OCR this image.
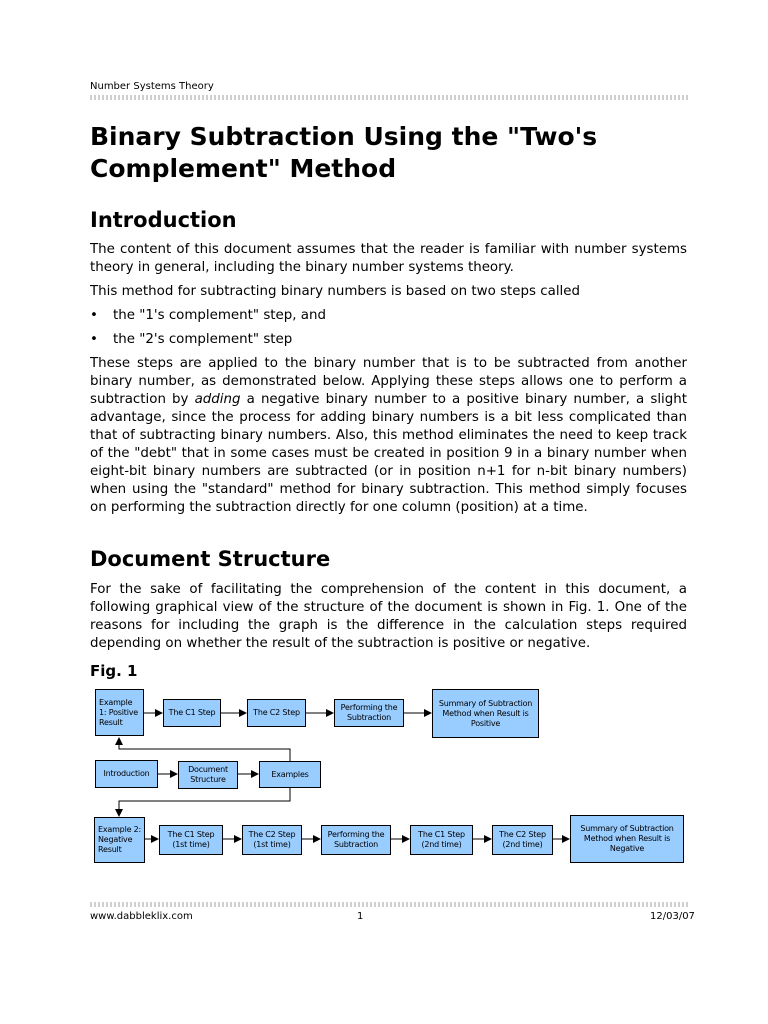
Number Systems Theory
Binary Subtraction Using the "Two's Complement" Method
Introduction

The content of this document assumes that the reader is familiar with number systems theory in general, including the binary number systems theory.

This method for subtracting binary numbers is based on two steps called

• the "1's complement" step, and
• the "2's complement" step

These steps are applied to the binary number that is to be subtracted from another binary number, as demonstrated below. Applying these steps allows one to perform a subtraction by adding a negative binary number to a positive binary number, a slight advantage, since the process for adding binary numbers is a bit less complicated than that of subtracting binary numbers. Also, this method eliminates the need to keep track of the "debt" that in some cases must be created in position 9 in a binary number when eight-bit binary numbers are subtracted (or in position n+1 for n-bit binary numbers) when using the "standard" method for binary subtraction. This method simply focuses on performing the subtraction directly for one column (position) at a time.

Document Structure

For the sake of facilitating the comprehension of the content in this document, a following graphical view of the structure of the document is shown in Fig. 1. One of the reasons for including the graph is the difference in the calculation steps required depending on whether the result of the subtraction is positive or negative.

Fig. 1
Example 1: Positive Result
The C1 Step	The C2 Step
Performing the Subtraction
Summary of Subtraction Method when Result is Positive
Introduction	Document Structure
Examples
Example 2: Negative Result
The C1 Step (1st time)
The C2 Step (1st time)
Performing the Subtraction
The C1 Step (2nd time)
The C2 Step (2nd time)
Summary of Subtraction Method when Result is Negative
www.dabbleklix.com	1	12/03/07
